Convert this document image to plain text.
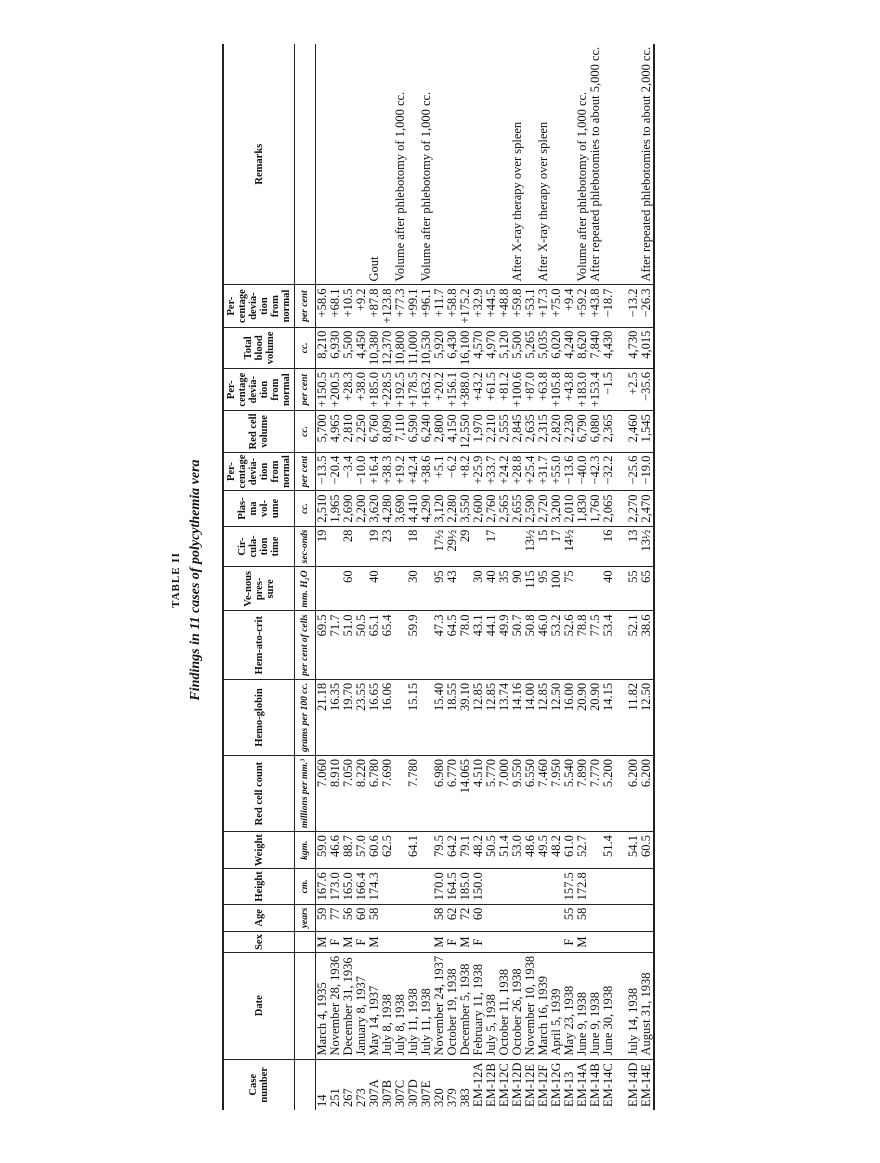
TABLE II Findings in 11 cases of polycythemia vera
Case number	Date	Sex	Age	Height	Weight	Red cell count	Hemo-globin	Hem-ato-crit	Ve-nous pres-sure	Cir-cula-tion time	Plas-ma vol-ume	Per-centage devia-tion from normal	Red cell volume	Per-centage devia-tion from normal	Total blood volume	Per-centage devia-tion from normal	Remarks
			years	cm.	kgm.	millions per mm.³	grams per 100 cc.	per cent of cells	mm. H₂O	sec-onds	cc.	per cent	cc.	per cent	cc.	per cent	
14	March 4, 1935	M	59	167.6	59.0	7.060	21.18	69.5		19	2,510	−13.5	5,700	+150.5	8,210	+58.6	
251	November 28, 1936	F	77	173.0	46.6	8.910	16.35	71.7			1,965	−20.4	4,965	+200.5	6,930	+68.1	
267	December 31, 1936	M	56	165.0	88.7	7.050	19.70	51.0	60	28	2,690	−3.4	2,810	+28.3	5,500	+10.5	
273	January 8, 1937	F	60	166.4	57.0	8.220	23.55	50.5			2,200	−10.0	2,250	+38.0	4,450	+9.2	
307A	May 14, 1937	M	58	174.3	60.6	6.780	16.65	65.1	40	19	3,620	+16.4	6,760	+185.0	10,380	+87.8	Gout
307B	July 8, 1938				62.5	7.690	16.06	65.4		23	4,280	+38.3	8,090	+228.5	12,370	+123.8	
307C	July 8, 1938										3,690	+19.2	7,110	+192.5	10,800	+77.3	Volume after phlebotomy of 1,000 cc.
307D	July 11, 1938				64.1	7.780	15.15	59.9	30	18	4,410	+42.4	6,590	+178.5	11,000	+99.1	
307E	July 11, 1938										4,290	+38.6	6,240	+163.2	10,530	+96.1	Volume after phlebotomy of 1,000 cc.
320	November 24, 1937	M	58	170.0	79.5	6.980	15.40	47.3	95	17½	3,120	+5.1	2,800	+20.2	5,920	+11.7	
379	October 19, 1938	F	62	164.5	64.2	6.770	18.55	64.5	43	29½	2,280	−6.2	4,150	+156.1	6,430	+58.8	
383	December 5, 1938	M	72	185.0	79.1	14.065	39.10	78.0		29	3,550	+8.2	12,550	+388.0	16,100	+175.2	
EM-12A	February 11, 1938	F	60	150.0	48.2	4.510	12.85	43.1	30		2,600	+25.9	1,970	+43.2	4,570	+32.9	
EM-12B	July 5, 1938				50.5	5.770	12.85	44.1	40	17	2,760	+33.7	2,210	+61.5	4,970	+44.5	
EM-12C	October 11, 1938				51.4	7.000	13.74	49.9	35		2,565	+24.2	2,555	+81.2	5,120	+48.8	
EM-12D	October 26, 1938				53.0	9.550	14.16	50.7	90		2,655	+28.8	2,845	+100.6	5,500	+59.8	After X-ray therapy over spleen
EM-12E	November 10, 1938				48.6	6.550	14.00	50.8	115	13½	2,590	+25.4	2,635	+87.0	5,265	+53.1	
EM-12F	March 16, 1939				49.5	7.460	12.85	46.0	95	15	2,720	+31.7	2,315	+63.8	5,035	+17.3	After X-ray therapy over spleen
EM-12G	April 5, 1939				48.2	7.950	12.50	53.2	100	17	3,200	+55.0	2,820	+105.8	6,020	+75.0	
EM-13	May 23, 1938	F	55	157.5	61.0	5.540	16.00	52.6	75	14½	2,010	−13.6	2,230	+43.8	4,240	+9.4	
EM-14A	June 9, 1938	M	58	172.8	52.7	7.890	20.90	78.8			1,830	−40.0	6,790	+183.0	8,620	+59.2	Volume after phlebotomy of 1,000 cc.
EM-14B	June 9, 1938					7.770	20.90	77.5			1,760	−42.3	6,080	+153.4	7,840	+43.8	After repeated phlebotomies to about 5,000 cc.
EM-14C	June 30, 1938				51.4	5.200	14.15	53.4	40	16	2,065	−32.2	2,365	−1.5	4,430	−18.7	

EM-14D	July 14, 1938				54.1	6.200	11.82	52.1	55	13	2,270	−25.6	2,460	+2.5	4,730	−13.2	
EM-14E	August 31, 1938				60.5	6.200	12.50	38.6	65	13½	2,470	−19.0	1,545	−35.6	4,015	−26.3	After repeated phlebotomies to about 2,000 cc.
